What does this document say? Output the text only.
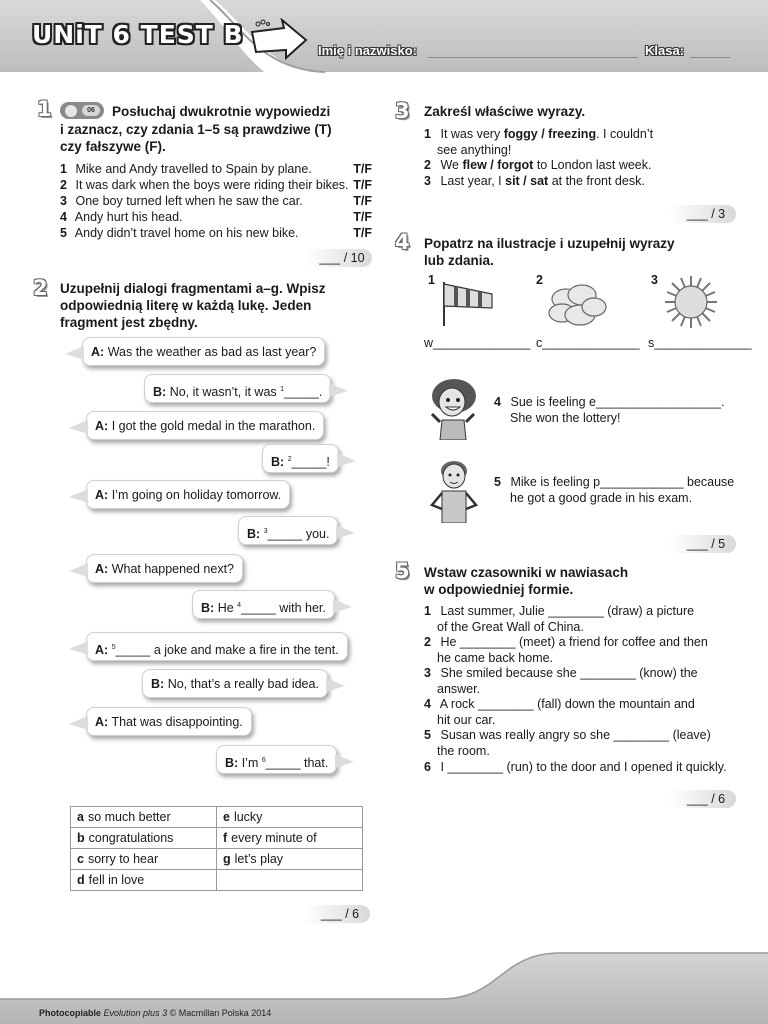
UNiT 6 TEST B
Imię i nazwisko:	Klasa:
1	06	Posłuchaj dwukrotnie wypowiedzi
i zaznacz, czy zdania 1–5 są prawdziwe (T)
czy fałszywe (F).
1 Mike and Andy travelled to Spain by plane.	T/F
2 It was dark when the boys were riding their bikes. T/F
3 One boy turned left when he saw the car.	T/F
4 Andy hurt his head.	T/F
5 Andy didn’t travel home on his new bike.	T/F
___ / 10
2 Uzupełnij dialogi fragmentami a–g. Wpisz
odpowiednią literę w każdą lukę. Jeden
fragment jest zbędny.
A: Was the weather as bad as last year?
B: No, it wasn’t, it was $^1$_____.
A: I got the gold medal in the marathon.
B: $^2$_____!
A: I’m going on holiday tomorrow.
B: $^3$_____ you.
A: What happened next?
B: He $^4$_____ with her.
A: $^5$_____ a joke and make a fire in the tent.
B: No, that’s a really bad idea.
A: That was disappointing.
B: I’m $^6$_____ that.
a so much better	e lucky
b congratulations	f every minute of
c sorry to hear	g let’s play
d fell in love	
___ / 6
3 Zakreśl właściwe wyrazy.
1 It was very foggy / freezing. I couldn’t
see anything!
2 We flew / forgot to London last week.
3 Last year, I sit / sat at the front desk.
___ / 3
4 Popatrz na ilustracje i uzupełnij wyrazy
lub zdania.
1
w______________
2
c______________
3
s______________
4 Sue is feeling e__________________.
She won the lottery!
5 Mike is feeling p____________ because
he got a good grade in his exam.
___ / 5
5 Wstaw czasowniki w nawiasach
w odpowiedniej formie.
1 Last summer, Julie ________ (draw) a picture
of the Great Wall of China.
2 He ________ (meet) a friend for coffee and then
he came back home.
3 She smiled because she ________ (know) the
answer.
4 A rock ________ (fall) down the mountain and
hit our car.
5 Susan was really angry so she ________ (leave)
the room.
6 I ________ (run) to the door and I opened it quickly.
___ / 6
Photocopiable Evolution plus 3 © Macmillan Polska 2014
